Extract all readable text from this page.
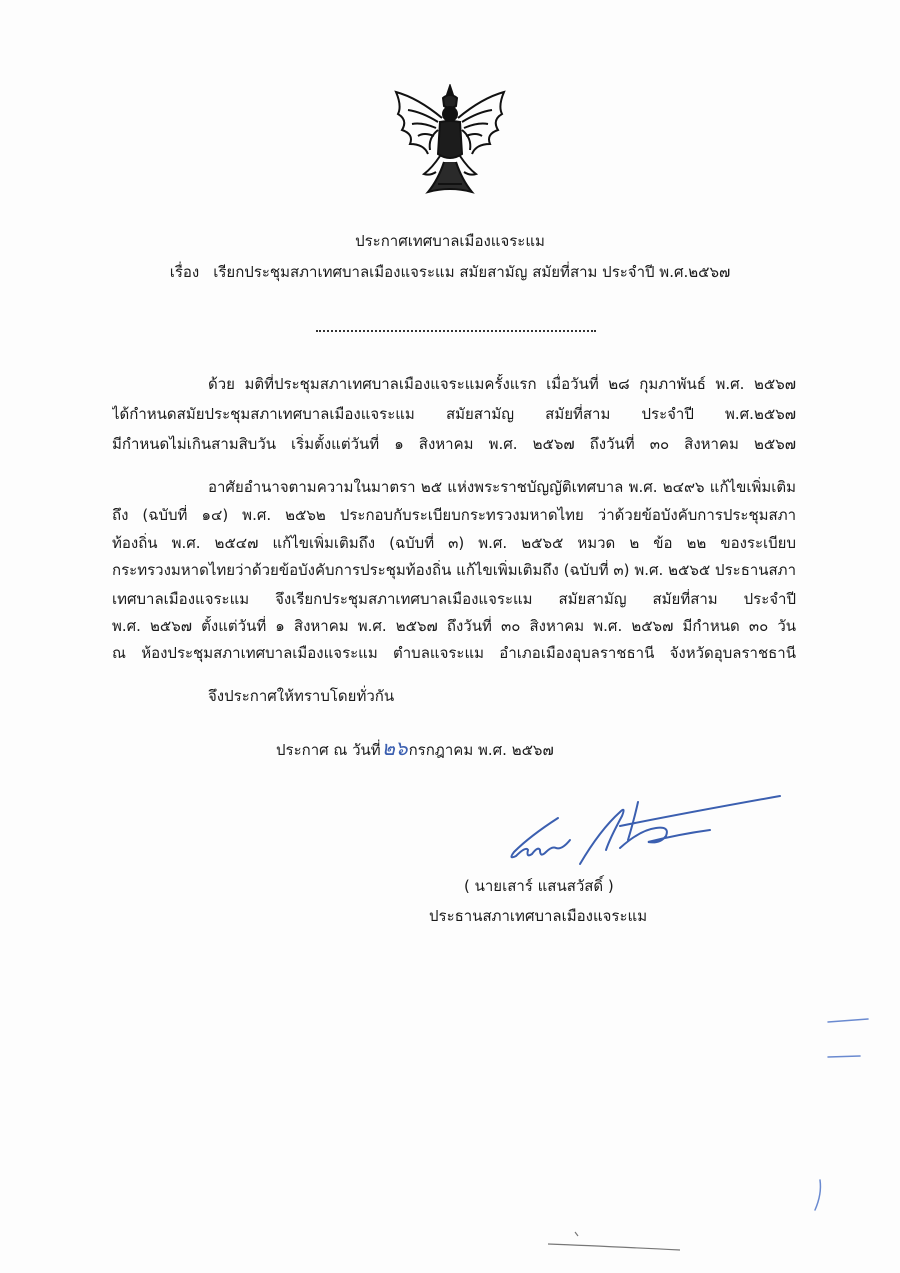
ประกาศเทศบาลเมืองแจระแม
เรื่อง เรียกประชุมสภาเทศบาลเมืองแจระแม สมัยสามัญ สมัยที่สาม ประจำปี พ.ศ.๒๕๖๗
ด้วย มติที่ประชุมสภาเทศบาลเมืองแจระแมครั้งแรก เมื่อวันที่ ๒๘ กุมภาพันธ์ พ.ศ. ๒๕๖๗
ได้กำหนดสมัยประชุมสภาเทศบาลเมืองแจระแม สมัยสามัญ สมัยที่สาม ประจำปี พ.ศ.๒๕๖๗
มีกำหนดไม่เกินสามสิบวัน เริ่มตั้งแต่วันที่ ๑ สิงหาคม พ.ศ. ๒๕๖๗ ถึงวันที่ ๓๐ สิงหาคม ๒๕๖๗
อาศัยอำนาจตามความในมาตรา ๒๕ แห่งพระราชบัญญัติเทศบาล พ.ศ. ๒๔๙๖ แก้ไขเพิ่มเติม
ถึง (ฉบับที่ ๑๔) พ.ศ. ๒๕๖๒ ประกอบกับระเบียบกระทรวงมหาดไทย ว่าด้วยข้อบังคับการประชุมสภา
ท้องถิ่น พ.ศ. ๒๕๔๗ แก้ไขเพิ่มเติมถึง (ฉบับที่ ๓) พ.ศ. ๒๕๖๕ หมวด ๒ ข้อ ๒๒ ของระเบียบ
กระทรวงมหาดไทยว่าด้วยข้อบังคับการประชุมท้องถิ่น แก้ไขเพิ่มเติมถึง (ฉบับที่ ๓) พ.ศ. ๒๕๖๕ ประธานสภา
เทศบาลเมืองแจระแม จึงเรียกประชุมสภาเทศบาลเมืองแจระแม สมัยสามัญ สมัยที่สาม ประจำปี
พ.ศ. ๒๕๖๗ ตั้งแต่วันที่ ๑ สิงหาคม พ.ศ. ๒๕๖๗ ถึงวันที่ ๓๐ สิงหาคม พ.ศ. ๒๕๖๗ มีกำหนด ๓๐ วัน
ณ ห้องประชุมสภาเทศบาลเมืองแจระแม ตำบลแจระแม อำเภอเมืองอุบลราชธานี จังหวัดอุบลราชธานี
จึงประกาศให้ทราบโดยทั่วกัน
ประกาศ ณ วันที่๒๖กรกฎาคม พ.ศ. ๒๕๖๗
( นายเสาร์ แสนสวัสดิ์ )
ประธานสภาเทศบาลเมืองแจระแม
